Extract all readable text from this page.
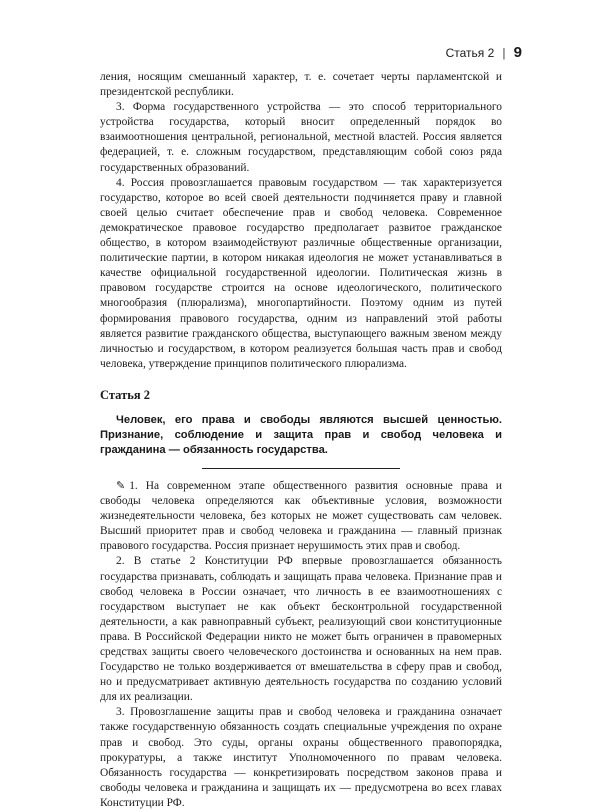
Статья 2 | 9

ления, носящим смешанный характер, т. е. сочетает черты парламентской и президентской республики.

3. Форма государственного устройства — это способ территориального устройства государства, который вносит определенный порядок во взаимоотношения центральной, региональной, местной властей. Россия является федерацией, т. е. сложным государством, представляющим собой союз ряда государственных образований.

4. Россия провозглашается правовым государством — так характеризуется государство, которое во всей своей деятельности подчиняется праву и главной своей целью считает обеспечение прав и свобод человека. Современное демократическое правовое государство предполагает развитое гражданское общество, в котором взаимодействуют различные общественные организации, политические партии, в котором никакая идеология не может устанавливаться в качестве официальной государственной идеологии. Политическая жизнь в правовом государстве строится на основе идеологического, политического многообразия (плюрализма), многопартийности. Поэтому одним из путей формирования правового государства, одним из направлений этой работы является развитие гражданского общества, выступающего важным звеном между личностью и государством, в котором реализуется большая часть прав и свобод человека, утверждение принципов политического плюрализма.

Статья 2

Человек, его права и свободы являются высшей ценностью. Признание, соблюдение и защита прав и свобод человека и гражданина — обязанность государства.

✎ 1. На современном этапе общественного развития основные права и свободы человека определяются как объективные условия, возможности жизнедеятельности человека, без которых не может существовать сам человек. Высший приоритет прав и свобод человека и гражданина — главный признак правового государства. Россия признает нерушимость этих прав и свобод.

2. В статье 2 Конституции РФ впервые провозглашается обязанность государства признавать, соблюдать и защищать права человека. Признание прав и свобод человека в России означает, что личность в ее взаимоотношениях с государством выступает не как объект бесконтрольной государственной деятельности, а как равноправный субъект, реализующий свои конституционные права. В Российской Федерации никто не может быть ограничен в правомерных средствах защиты своего человеческого достоинства и основанных на нем прав. Государство не только воздерживается от вмешательства в сферу прав и свобод, но и предусматривает активную деятельность государства по созданию условий для их реализации.

3. Провозглашение защиты прав и свобод человека и гражданина означает также государственную обязанность создать специальные учреждения по охране прав и свобод. Это суды, органы охраны общественного правопорядка, прокуратуры, а также институт Уполномоченного по правам человека. Обязанность государства — конкретизировать посредством законов права и свободы человека и гражданина и защищать их — предусмотрена во всех главах Конституции РФ.
